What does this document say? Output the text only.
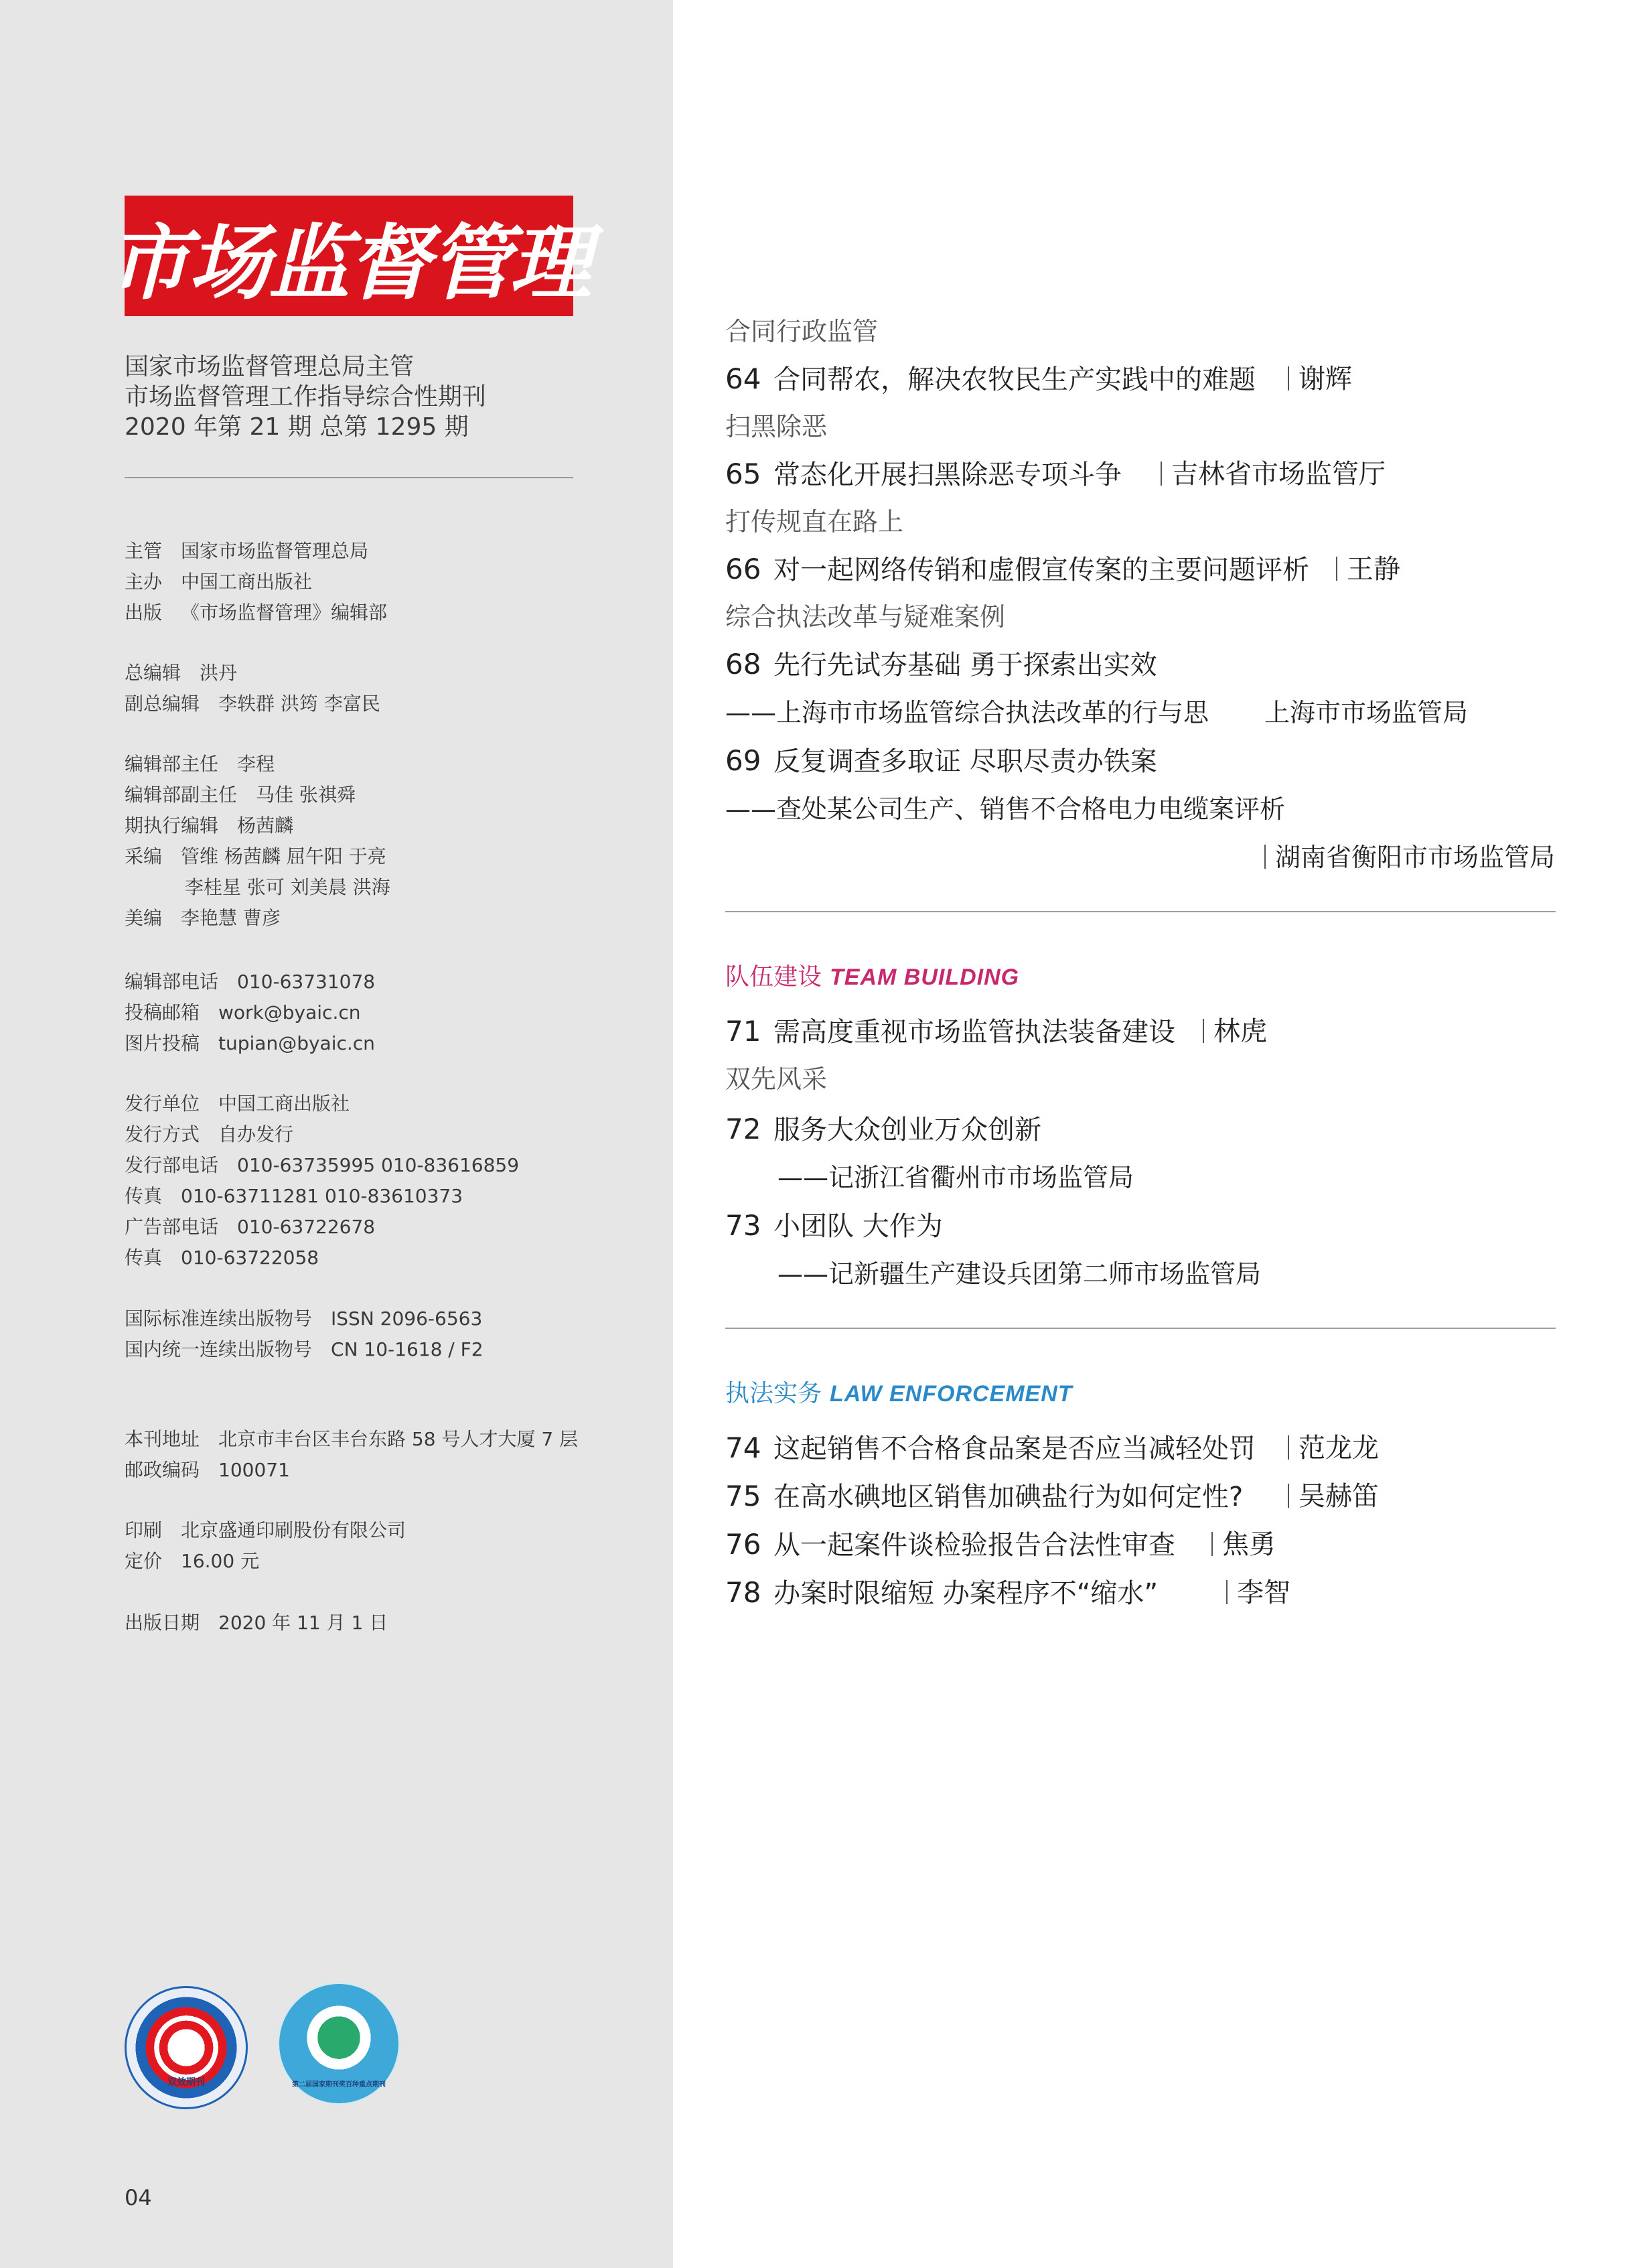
市场监督管理
国家市场监督管理总局主管
市场监督管理工作指导综合性期刊
2020 年第 21 期 总第 1295 期
主管 国家市场监督管理总局
主办 中国工商出版社
出版 《市场监督管理》编辑部
总编辑 洪丹
副总编辑 李轶群 洪筠 李富民
编辑部主任 李程
编辑部副主任 马佳 张祺舜
期执行编辑 杨茜麟
采编 管维 杨茜麟 屈午阳 于亮
李桂星 张可 刘美晨 洪海
美编 李艳慧 曹彦
编辑部电话 010-63731078
投稿邮箱 work@byaic.cn
图片投稿 tupian@byaic.cn
发行单位 中国工商出版社
发行方式 自办发行
发行部电话 010-63735995 010-83616859
传真 010-63711281 010-83610373
广告部电话 010-63722678
传真 010-63722058
国际标准连续出版物号 ISSN 2096-6563
国内统一连续出版物号 CN 10-1618 / F2
本刊地址 北京市丰台区丰台东路 58 号人才大厦 7 层
邮政编码 100071
印刷 北京盛通印刷股份有限公司
定价 16.00 元
出版日期 2020 年 11 月 1 日
双效期刊	第二届国家期刊奖百种重点期刊
04
合同行政监管
64 合同帮农，解决农牧民生产实践中的难题	谢辉
扫黑除恶
65 常态化开展扫黑除恶专项斗争	吉林省市场监管厅
打传规直在路上
66 对一起网络传销和虚假宣传案的主要问题评析	王静
综合执法改革与疑难案例
68 先行先试夯基础 勇于探索出实效
——上海市市场监管综合执法改革的行与思 上海市市场监管局
69 反复调查多取证 尽职尽责办铁案
——查处某公司生产、销售不合格电力电缆案评析
湖南省衡阳市市场监管局
队伍建设 TEAM BUILDING
71 需高度重视市场监管执法装备建设	林虎
双先风采
72 服务大众创业万众创新
——记浙江省衢州市市场监管局
73 小团队 大作为
——记新疆生产建设兵团第二师市场监管局
执法实务 LAW ENFORCEMENT
74 这起销售不合格食品案是否应当减轻处罚	范龙龙
75 在高水碘地区销售加碘盐行为如何定性?	吴赫笛
76 从一起案件谈检验报告合法性审查	焦勇
78 办案时限缩短 办案程序不“缩水”	李智
